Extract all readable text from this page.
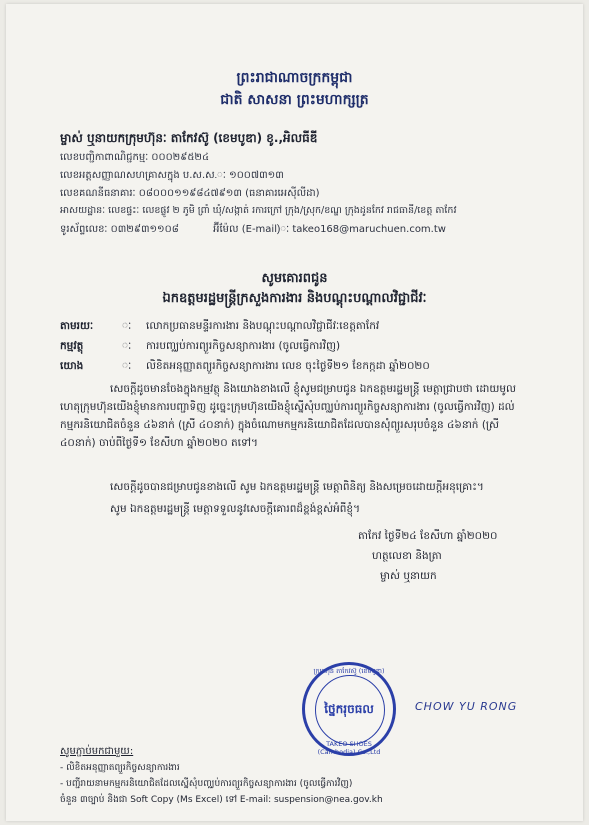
ព្រះរាជាណាចក្រកម្ពុជា
ជាតិ សាសនា ព្រះមហាក្សត្រ
ម្ចាស់ ឬនាយកក្រុមហ៊ុនៈ តាកែវស៊ូ (ខេមបូឌា) ខូ.,អិលធីឌី
លេខបញ្ជិកាពាណិជ្ជកម្មៈ ០០០២៩៥២៤
លេខអត្តសញ្ញាណសហគ្រាសក្នុង ប.ស.ស.ៈ ១០០៧៣១៣
លេខគណនីធនាគារៈ ០៨០០០១១៩៨៤៧៩១៣ (ធនាគារអេស៊ីលីដា)
អាសយដ្ឋានៈ លេខផ្ទះៈ លេខផ្លូវ ២ ភូមិ ព្រាំ ឃុំ/សង្កាត់ រការក្រៅ ក្រុង/ស្រុក/ខណ្ឌ ក្រុងដូនកែវ រាជធានី/ខេត្ត តាកែវ
ទូរស័ព្ទលេខៈ ០៣២៩៣១១០៨	អ៊ីម៉ែល (E-mail)ៈ takeo168@maruchuen.com.tw
សូមគោរពជូន
ឯកឧត្តមរដ្ឋមន្ត្រីក្រសួងការងារ និងបណ្តុះបណ្តាលវិជ្ជាជីវៈ
តាមរយៈ	ៈ លោកប្រធានមន្ទីរការងារ និងបណ្តុះបណ្តាលវិជ្ជាជីវៈខេត្តតាកែវ
កម្មវត្ថុ	ៈ ការបញ្ឈប់ការព្យួរកិច្ចសន្យាការងារ (ចូលធ្វើការវិញ)
យោង	ៈ លិខិតអនុញ្ញាតព្យួរកិច្ចសន្យាការងារ លេខ ចុះថ្ងៃទី២១ ខែកក្កដា ឆ្នាំ២០២០
សេចក្តីដូចមានចែងក្នុងកម្មវត្ថុ និងយោងខាងលើ ខ្ញុំសូមជម្រាបជូន ឯកឧត្តមរដ្ឋមន្ត្រី មេត្តាជ្រាបថា ដោយមូលហេតុក្រុមហ៊ុនយើងខ្ញុំមានការបញ្ជាទិញ ដូច្នេះក្រុមហ៊ុនយើងខ្ញុំស្នើសុំបញ្ឈប់ការព្យួរកិច្ចសន្យាការងារ (ចូលធ្វើការវិញ) ដល់កម្មករនិយោជិតចំនួន ៤៦នាក់ (ស្រី ៤០នាក់) ក្នុងចំណោមកម្មករនិយោជិតដែលបានសុំព្យួរសរុបចំនួន ៤៦នាក់ (ស្រី ៤០នាក់) ចាប់ពីថ្ងៃទី១ ខែសីហា ឆ្នាំ២០២០ តទៅ។
សេចក្តីដូចបានជម្រាបជូនខាងលើ សូម ឯកឧត្តមរដ្ឋមន្ត្រី មេត្តាពិនិត្យ និងសម្រេចដោយក្តីអនុគ្រោះ។
សូម ឯកឧត្តមរដ្ឋមន្ត្រី មេត្តាទទួលនូវសេចក្តីគោរពដ៏ខ្ពង់ខ្ពស់អំពីខ្ញុំ។
តាកែវ ថ្ងៃទី២៤ ខែសីហា ឆ្នាំ២០២០
ហត្ថលេខា និងត្រា
ម្ចាស់ ឬនាយក
ក្រុមហ៊ុន តាកែវស៊ូ (ខេមបូឌា)
ថ្នៃករុចធល
TAKEO SHOES (Cambodia) Co.,Ltd
CHOW YU RONG
សូមភ្ជាប់មកជាមួយ:
- លិខិតអនុញ្ញាតព្យួរកិច្ចសន្យាការងារ
- បញ្ជីរាយនាមកម្មករនិយោជិតដែលស្នើសុំបញ្ឈប់ការព្យួរកិច្ចសន្យាការងារ (ចូលធ្វើការវិញ)
ចំនួន ៣ច្បាប់ និងជា Soft Copy (Ms Excel) ទៅ E-mail: suspension@nea.gov.kh
